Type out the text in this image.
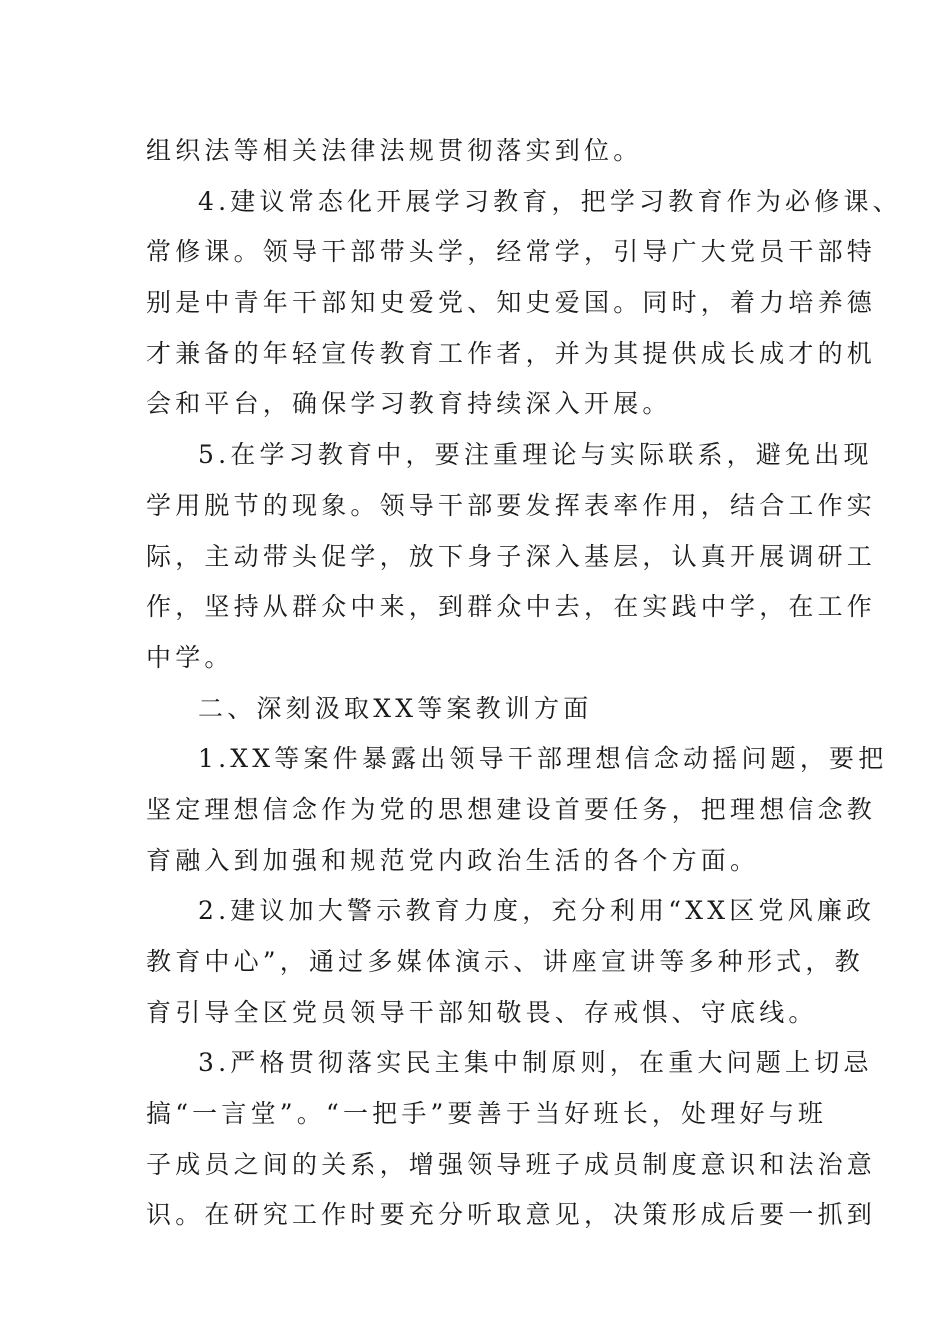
组织法等相关法律法规贯彻落实到位。
4.建议常态化开展学习教育，把学习教育作为必修课、
常修课。领导干部带头学，经常学，引导广大党员干部特
别是中青年干部知史爱党、知史爱国。同时，着力培养德
才兼备的年轻宣传教育工作者，并为其提供成长成才的机
会和平台，确保学习教育持续深入开展。
5.在学习教育中，要注重理论与实际联系，避免出现
学用脱节的现象。领导干部要发挥表率作用，结合工作实
际，主动带头促学，放下身子深入基层，认真开展调研工
作，坚持从群众中来，到群众中去，在实践中学，在工作
中学。
二、深刻汲取XX等案教训方面
1.XX等案件暴露出领导干部理想信念动摇问题，要把
坚定理想信念作为党的思想建设首要任务，把理想信念教
育融入到加强和规范党内政治生活的各个方面。
2.建议加大警示教育力度，充分利用“XX区党风廉政
教育中心”，通过多媒体演示、讲座宣讲等多种形式，教
育引导全区党员领导干部知敬畏、存戒惧、守底线。
3.严格贯彻落实民主集中制原则，在重大问题上切忌
搞“一言堂”。“一把手”要善于当好班长，处理好与班
子成员之间的关系，增强领导班子成员制度意识和法治意
识。在研究工作时要充分听取意见，决策形成后要一抓到
